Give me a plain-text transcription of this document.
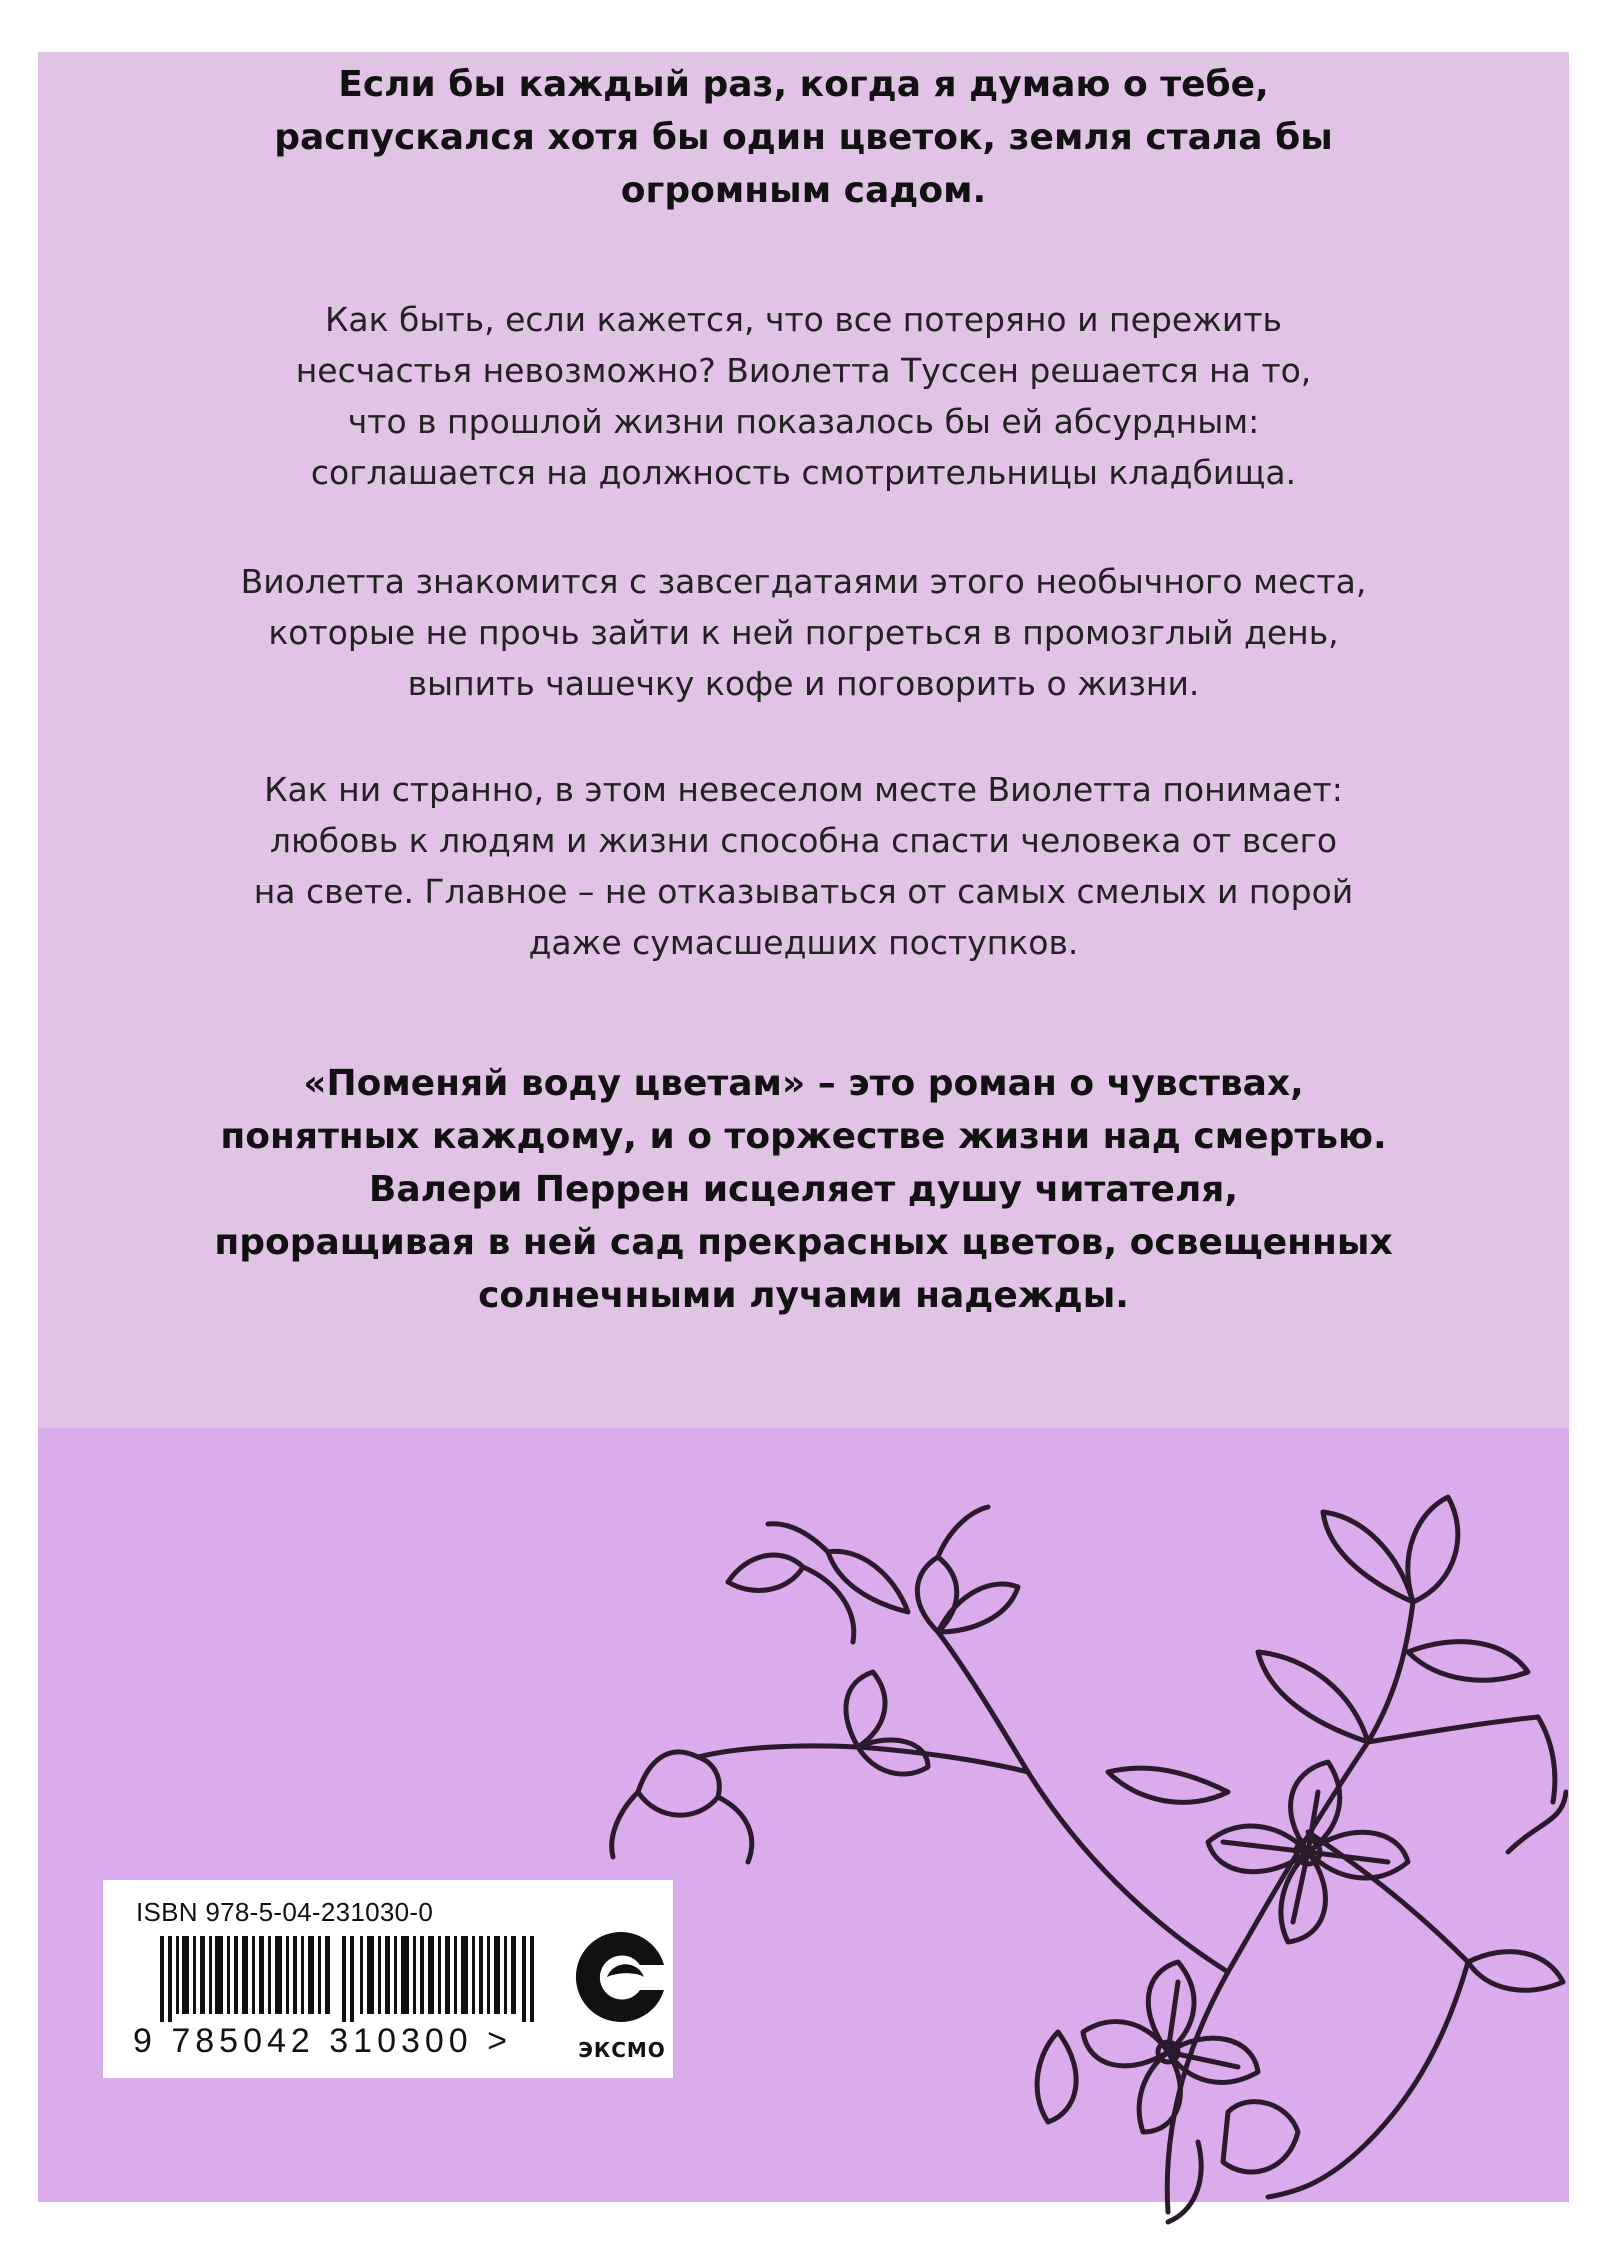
Если бы каждый раз, когда я думаю о тебе,
распускался хотя бы один цветок, земля стала бы
огромным садом.

Как быть, если кажется, что все потеряно и пережить
несчастья невозможно? Виолетта Туссен решается на то,
что в прошлой жизни показалось бы ей абсурдным:
соглашается на должность смотрительницы кладбища.

Виолетта знакомится с завсегдатаями этого необычного места,
которые не прочь зайти к ней погреться в промозглый день,
выпить чашечку кофе и поговорить о жизни.

Как ни странно, в этом невеселом месте Виолетта понимает:
любовь к людям и жизни способна спасти человека от всего
на свете. Главное – не отказываться от самых смелых и порой
даже сумасшедших поступков.

«Поменяй воду цветам» – это роман о чувствах,
понятных каждому, и о торжестве жизни над смертью.
Валери Перрен исцеляет душу читателя,
проращивая в ней сад прекрасных цветов, освещенных
солнечными лучами надежды.

ISBN 978-5-04-231030-0
9 785042 310300 >	ЭКСМО
